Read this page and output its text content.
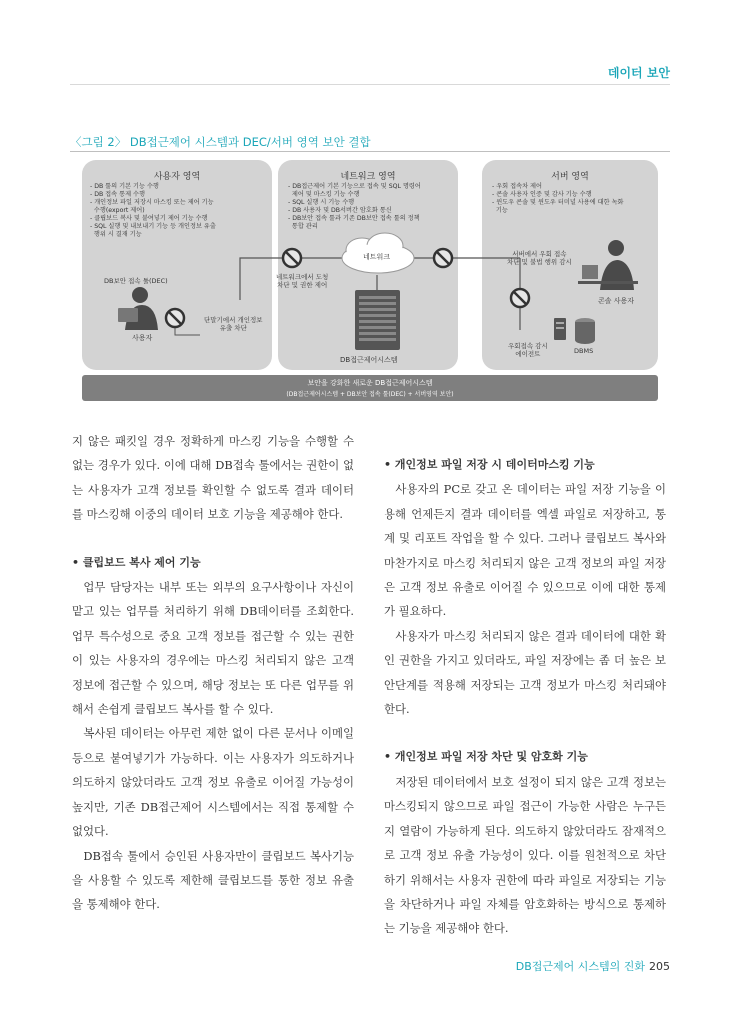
데이터 보안
〈그림 2〉 DB접근제어 시스템과 DEC/서버 영역 보안 결합
사용자 영역
- DB 툴의 기본 기능 수행
- DB 접속 통제 수행
- 개인정보 파일 저장시 마스킹 또는 제어 기능
수행(export 제어)
- 클립보드 복사 및 붙여넣기 제어 기능 수행
- SQL 실행 및 내보내기 기능 등 개인정보 유출
행위 시 결재 기능
네트워크 영역
- DB접근제어 기본 기능으로 접속 및 SQL 명령어
제어 및 마스킹 기능 수행
- SQL 실행 시 기능 수행
- DB 사용자 및 DB서버간 암호화 통신
- DB보안 접속 툴과 기존 DB보안 접속 툴의 정책
통합 관리
서버 영역
- 우회 접속차 제어
- 콘솔 사용자 인증 및 감사 기능 수행
- 윈도우 콘솔 및 윈도우 터미널 사용에 대한 녹화
기능
DB보안 접속 툴(DEC)
사용자
단말기에서 개인정보
유출 차단
네트워크
네트워크에서 도청
차단 및 권한 제어
DB접근제어시스템
서버에서 우회 접속
차단 및 불법 행위 감시
콘솔 사용자
우회접속 감시
에이전트	DBMS
보안을 강화한 새로운 DB접근제어시스템
(DB접근제어시스템 + DB보안 접속 툴(DEC) + 서버영역 보안)

지 않은 패킷일 경우 정확하게 마스킹 기능을 수행할 수 없는 경우가 있다. 이에 대해 DB접속 툴에서는 권한이 없는 사용자가 고객 정보를 확인할 수 없도록 결과 데이터를 마스킹해 이중의 데이터 보호 기능을 제공해야 한다.

• 클립보드 복사 제어 기능

업무 담당자는 내부 또는 외부의 요구사항이나 자신이 맡고 있는 업무를 처리하기 위해 DB데이터를 조회한다. 업무 특수성으로 중요 고객 정보를 접근할 수 있는 권한이 있는 사용자의 경우에는 마스킹 처리되지 않은 고객 정보에 접근할 수 있으며, 해당 정보는 또 다른 업무를 위해서 손쉽게 클립보드 복사를 할 수 있다.

복사된 데이터는 아무런 제한 없이 다른 문서나 이메일 등으로 붙여넣기가 가능하다. 이는 사용자가 의도하거나 의도하지 않았더라도 고객 정보 유출로 이어질 가능성이 높지만, 기존 DB접근제어 시스템에서는 직접 통제할 수 없었다.

DB접속 툴에서 승인된 사용자만이 클립보드 복사기능을 사용할 수 있도록 제한해 클립보드를 통한 정보 유출을 통제해야 한다.

• 개인정보 파일 저장 시 데이터마스킹 기능

사용자의 PC로 갖고 온 데이터는 파일 저장 기능을 이용해 언제든지 결과 데이터를 엑셀 파일로 저장하고, 통계 및 리포트 작업을 할 수 있다. 그러나 클립보드 복사와 마찬가지로 마스킹 처리되지 않은 고객 정보의 파일 저장은 고객 정보 유출로 이어질 수 있으므로 이에 대한 통제가 필요하다.

사용자가 마스킹 처리되지 않은 결과 데이터에 대한 확인 권한을 가지고 있더라도, 파일 저장에는 좀 더 높은 보안단계를 적용해 저장되는 고객 정보가 마스킹 처리돼야 한다.

• 개인정보 파일 저장 차단 및 암호화 기능

저장된 데이터에서 보호 설정이 되지 않은 고객 정보는 마스킹되지 않으므로 파일 접근이 가능한 사람은 누구든지 열람이 가능하게 된다. 의도하지 않았더라도 잠재적으로 고객 정보 유출 가능성이 있다. 이를 원천적으로 차단하기 위해서는 사용자 권한에 따라 파일로 저장되는 기능을 차단하거나 파일 자체를 암호화하는 방식으로 통제하는 기능을 제공해야 한다.

DB접근제어 시스템의 진화 205
